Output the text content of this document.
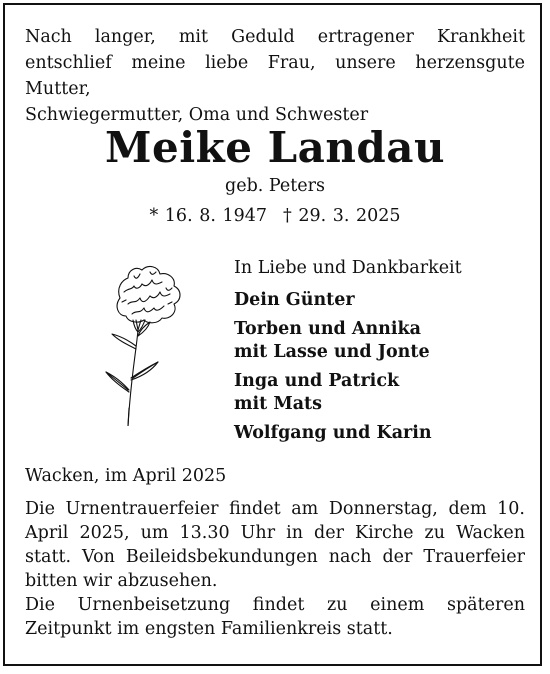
Nach langer, mit Geduld ertragener Krankheit
entschlief meine liebe Frau, unsere herzensgute Mutter,
Schwiegermutter, Oma und Schwester
Meike Landau
geb. Peters
* 16. 8. 1947 † 29. 3. 2025
In Liebe und Dankbarkeit
Dein Günter
Torben und Annika
mit Lasse und Jonte
Inga und Patrick
mit Mats
Wolfgang und Karin
Wacken, im April 2025
Die Urnentrauerfeier findet am Donnerstag, dem 10.
April 2025, um 13.30 Uhr in der Kirche zu Wacken
statt. Von Beileidsbekundungen nach der Trauerfeier
bitten wir abzusehen.
Die Urnenbeisetzung findet zu einem späteren
Zeitpunkt im engsten Familienkreis statt.
